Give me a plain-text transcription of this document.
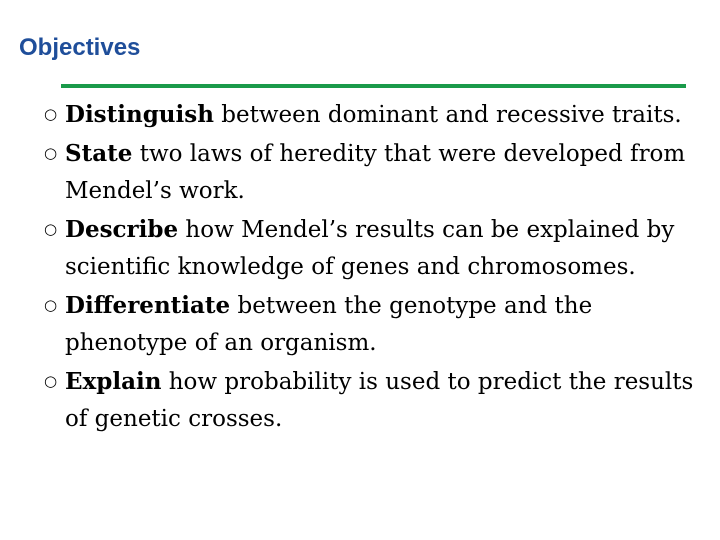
Objectives
○ Distinguish between dominant and recessive traits.
○ State two laws of heredity that were developed from Mendel’s work.
○ Describe how Mendel’s results can be explained by scientific knowledge of genes and chromosomes.
○ Differentiate between the genotype and the phenotype of an organism.
○ Explain how probability is used to predict the results of genetic crosses.
